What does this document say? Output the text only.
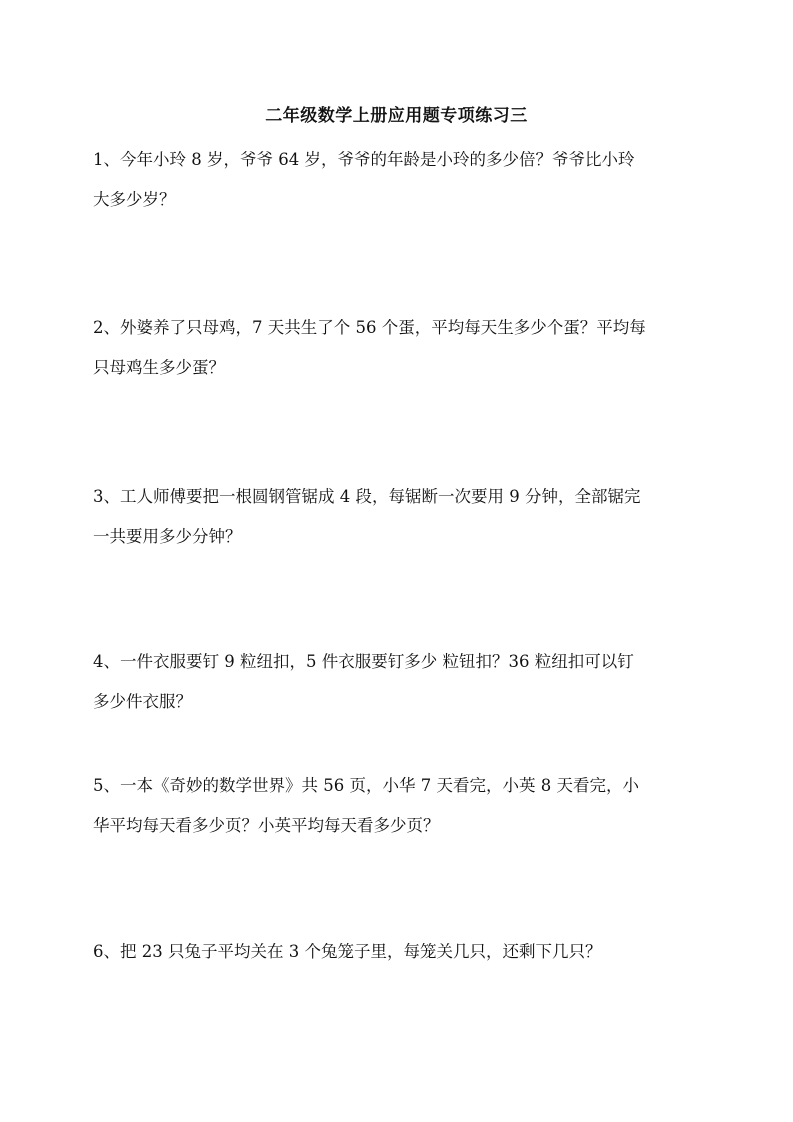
二年级数学上册应用题专项练习三
1、今年小玲 8 岁，爷爷 64 岁，爷爷的年龄是小玲的多少倍？爷爷比小玲
大多少岁？
2、外婆养了只母鸡，7 天共生了个 56 个蛋，平均每天生多少个蛋？平均每
只母鸡生多少蛋？
3、工人师傅要把一根圆钢管锯成 4 段，每锯断一次要用 9 分钟，全部锯完
一共要用多少分钟？
4、一件衣服要钉 9 粒纽扣，5 件衣服要钉多少 粒钮扣？36 粒纽扣可以钉
多少件衣服？
5、一本《奇妙的数学世界》共 56 页，小华 7 天看完，小英 8 天看完，小
华平均每天看多少页？小英平均每天看多少页？
6、把 23 只兔子平均关在 3 个兔笼子里，每笼关几只，还剩下几只？
